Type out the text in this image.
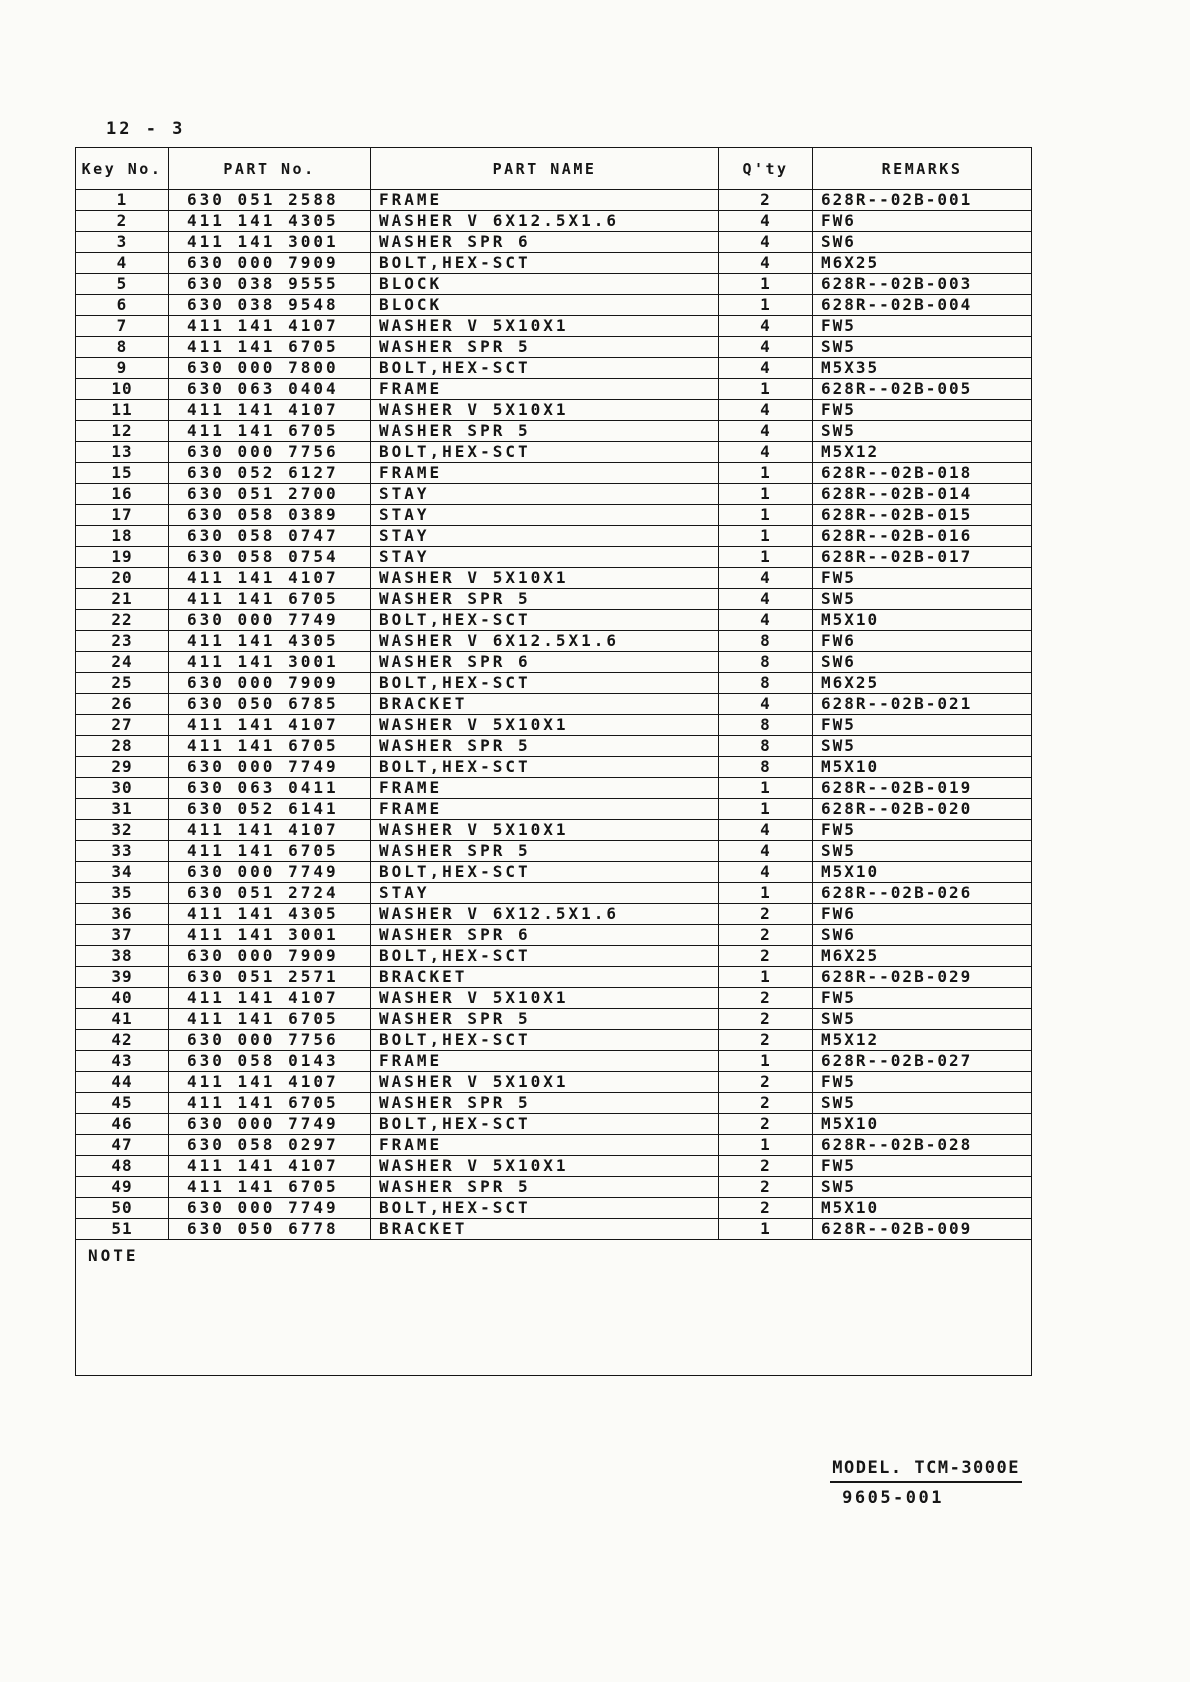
12 - 3
Key No.	PART No.	PART NAME	Q'ty	REMARKS
1	630 051 2588	FRAME	2	628R--02B-001
2	411 141 4305	WASHER V 6X12.5X1.6	4	FW6
3	411 141 3001	WASHER SPR 6	4	SW6
4	630 000 7909	BOLT,HEX-SCT	4	M6X25
5	630 038 9555	BLOCK	1	628R--02B-003
6	630 038 9548	BLOCK	1	628R--02B-004
7	411 141 4107	WASHER V 5X10X1	4	FW5
8	411 141 6705	WASHER SPR 5	4	SW5
9	630 000 7800	BOLT,HEX-SCT	4	M5X35
10	630 063 0404	FRAME	1	628R--02B-005
11	411 141 4107	WASHER V 5X10X1	4	FW5
12	411 141 6705	WASHER SPR 5	4	SW5
13	630 000 7756	BOLT,HEX-SCT	4	M5X12
15	630 052 6127	FRAME	1	628R--02B-018
16	630 051 2700	STAY	1	628R--02B-014
17	630 058 0389	STAY	1	628R--02B-015
18	630 058 0747	STAY	1	628R--02B-016
19	630 058 0754	STAY	1	628R--02B-017
20	411 141 4107	WASHER V 5X10X1	4	FW5
21	411 141 6705	WASHER SPR 5	4	SW5
22	630 000 7749	BOLT,HEX-SCT	4	M5X10
23	411 141 4305	WASHER V 6X12.5X1.6	8	FW6
24	411 141 3001	WASHER SPR 6	8	SW6
25	630 000 7909	BOLT,HEX-SCT	8	M6X25
26	630 050 6785	BRACKET	4	628R--02B-021
27	411 141 4107	WASHER V 5X10X1	8	FW5
28	411 141 6705	WASHER SPR 5	8	SW5
29	630 000 7749	BOLT,HEX-SCT	8	M5X10
30	630 063 0411	FRAME	1	628R--02B-019
31	630 052 6141	FRAME	1	628R--02B-020
32	411 141 4107	WASHER V 5X10X1	4	FW5
33	411 141 6705	WASHER SPR 5	4	SW5
34	630 000 7749	BOLT,HEX-SCT	4	M5X10
35	630 051 2724	STAY	1	628R--02B-026
36	411 141 4305	WASHER V 6X12.5X1.6	2	FW6
37	411 141 3001	WASHER SPR 6	2	SW6
38	630 000 7909	BOLT,HEX-SCT	2	M6X25
39	630 051 2571	BRACKET	1	628R--02B-029
40	411 141 4107	WASHER V 5X10X1	2	FW5
41	411 141 6705	WASHER SPR 5	2	SW5
42	630 000 7756	BOLT,HEX-SCT	2	M5X12
43	630 058 0143	FRAME	1	628R--02B-027
44	411 141 4107	WASHER V 5X10X1	2	FW5
45	411 141 6705	WASHER SPR 5	2	SW5
46	630 000 7749	BOLT,HEX-SCT	2	M5X10
47	630 058 0297	FRAME	1	628R--02B-028
48	411 141 4107	WASHER V 5X10X1	2	FW5
49	411 141 6705	WASHER SPR 5	2	SW5
50	630 000 7749	BOLT,HEX-SCT	2	M5X10
51	630 050 6778	BRACKET	1	628R--02B-009
NOTE				
MODEL. TCM-3000E
9605-001
